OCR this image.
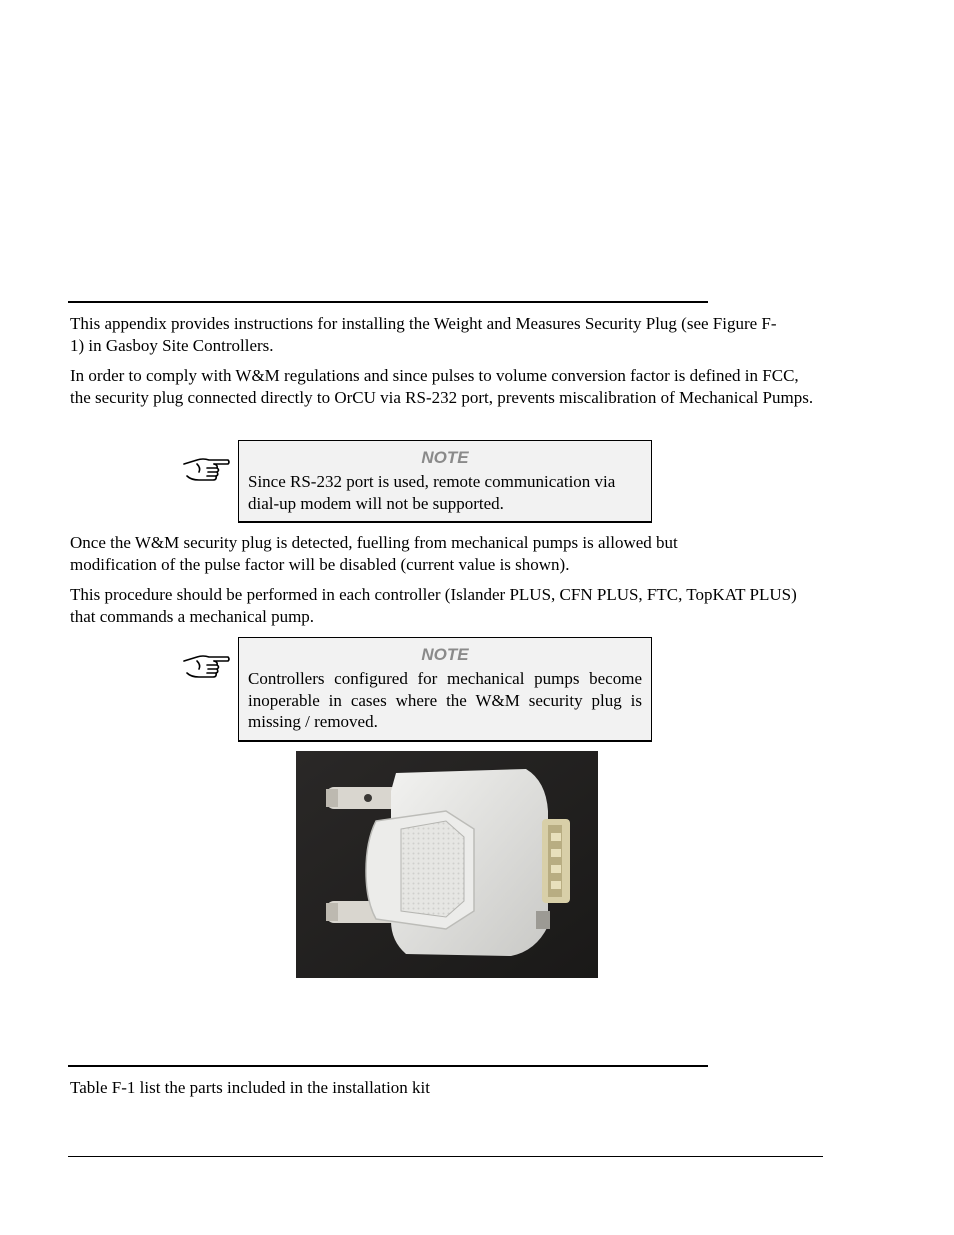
This appendix provides instructions for installing the Weight and Measures Security Plug (see Figure F-1) in Gasboy Site Controllers.

In order to comply with W&M regulations and since pulses to volume conversion factor is defined in FCC, the security plug connected directly to OrCU via RS-232 port, prevents miscalibration of Mechanical Pumps.

NOTE

Since RS-232 port is used, remote communication via dial-up modem will not be supported.

Once the W&M security plug is detected, fuelling from mechanical pumps is allowed but modification of the pulse factor will be disabled (current value is shown).

This procedure should be performed in each controller (Islander PLUS, CFN PLUS, FTC, TopKAT PLUS) that commands a mechanical pump.

NOTE

Controllers configured for mechanical pumps become inoperable in cases where the W&M security plug is missing / removed.

Table F-1 list the parts included in the installation kit
